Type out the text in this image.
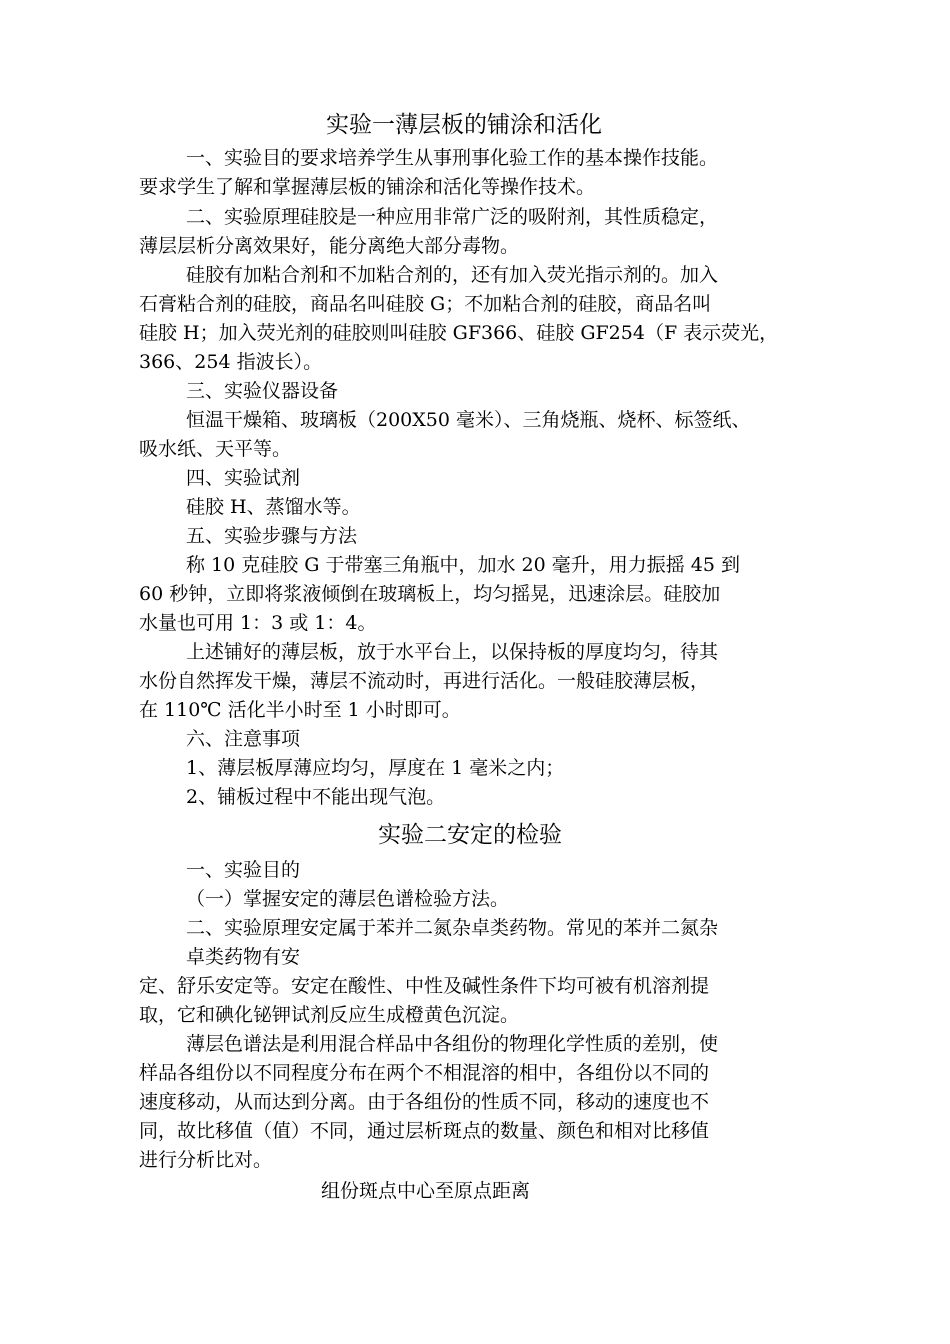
实验一薄层板的铺涂和活化
一、实验目的要求培养学生从事刑事化验工作的基本操作技能。
要求学生了解和掌握薄层板的铺涂和活化等操作技术。
二、实验原理硅胶是一种应用非常广泛的吸附剂，其性质稳定，
薄层层析分离效果好，能分离绝大部分毒物。
硅胶有加粘合剂和不加粘合剂的，还有加入荧光指示剂的。加入
石膏粘合剂的硅胶，商品名叫硅胶 G；不加粘合剂的硅胶，商品名叫
硅胶 H；加入荧光剂的硅胶则叫硅胶 GF366、硅胶 GF254（F 表示荧光，
366、254 指波长）。
三、实验仪器设备
恒温干燥箱、玻璃板（200X50 毫米）、三角烧瓶、烧杯、标签纸、
吸水纸、天平等。
四、实验试剂
硅胶 H、蒸馏水等。
五、实验步骤与方法
称 10 克硅胶 G 于带塞三角瓶中，加水 20 毫升，用力振摇 45 到
60 秒钟，立即将浆液倾倒在玻璃板上，均匀摇晃，迅速涂层。硅胶加
水量也可用 1：3 或 1：4。
上述铺好的薄层板，放于水平台上，以保持板的厚度均匀，待其
水份自然挥发干燥，薄层不流动时，再进行活化。一般硅胶薄层板，
在 110℃ 活化半小时至 1 小时即可。
六、注意事项
1、薄层板厚薄应均匀，厚度在 1 毫米之内；
2、铺板过程中不能出现气泡。
实验二安定的检验
一、实验目的
（一）掌握安定的薄层色谱检验方法。
二、实验原理安定属于苯并二氮杂卓类药物。常见的苯并二氮杂
卓类药物有安
定、舒乐安定等。安定在酸性、中性及碱性条件下均可被有机溶剂提
取，它和碘化铋钾试剂反应生成橙黄色沉淀。
薄层色谱法是利用混合样品中各组份的物理化学性质的差别，使
样品各组份以不同程度分布在两个不相混溶的相中，各组份以不同的
速度移动，从而达到分离。由于各组份的性质不同，移动的速度也不
同，故比移值（值）不同，通过层析斑点的数量、颜色和相对比移值
进行分析比对。
组份斑点中心至原点距离
